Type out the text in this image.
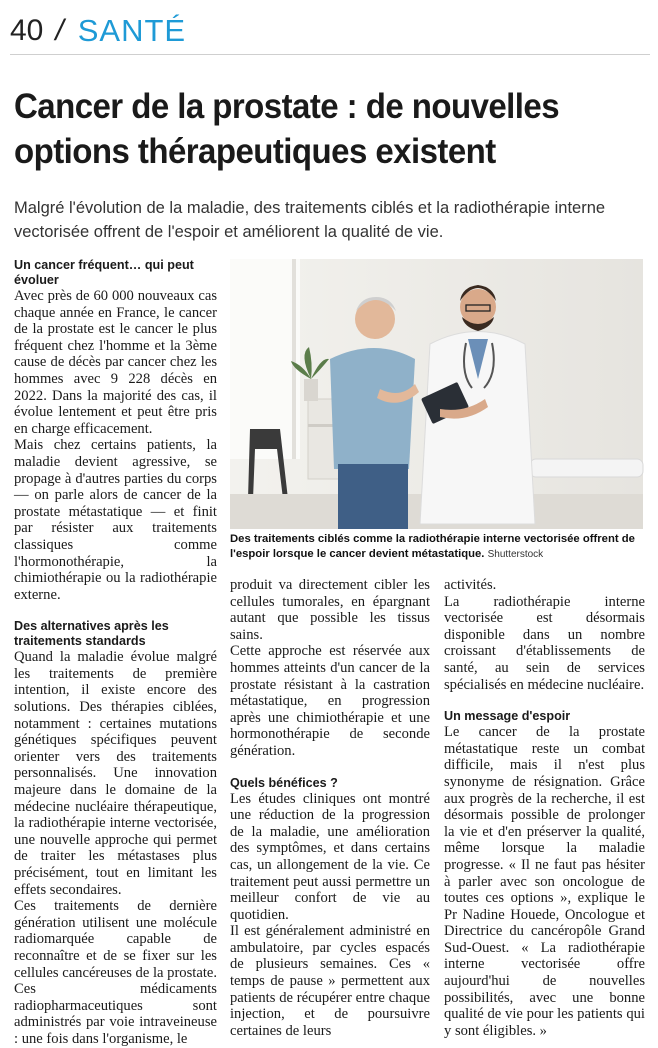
40 / SANTÉ
Cancer de la prostate : de nouvelles
options thérapeutiques existent

Malgré l'évolution de la maladie, des traitements ciblés et la radiothérapie interne vectorisée offrent de l'espoir et améliorent la qualité de vie.

Un cancer fréquent… qui peut évoluer

Avec près de 60 000 nouveaux cas chaque année en France, le cancer de la prostate est le cancer le plus fréquent chez l'homme et la 3ème cause de décès par cancer chez les hommes avec 9 228 décès en 2022. Dans la majorité des cas, il évolue lentement et peut être pris en charge efficacement.

Mais chez certains patients, la maladie devient agressive, se propage à d'autres parties du corps — on parle alors de cancer de la prostate métastatique — et finit par résister aux traitements classiques comme l'hormonothérapie, la chimiothérapie ou la radiothérapie externe.

Des alternatives après les traitements standards

Quand la maladie évolue malgré les traitements de première intention, il existe encore des solutions. Des thérapies ciblées, notamment : certaines mutations génétiques spécifiques peuvent orienter vers des traitements personnalisés. Une innovation majeure dans le domaine de la médecine nucléaire thérapeutique, la radiothérapie interne vectorisée, une nouvelle approche qui permet de traiter les métastases plus précisément, tout en limitant les effets secondaires.

Ces traitements de dernière génération utilisent une molécule radiomarquée capable de reconnaître et de se fixer sur les cellules cancéreuses de la prostate. Ces médicaments radiopharmaceutiques sont administrés par voie intraveineuse : une fois dans l'organisme, le

Des traitements ciblés comme la radiothérapie interne vectorisée offrent de l'espoir lorsque le cancer devient métastatique. Shutterstock

produit va directement cibler les cellules tumorales, en épargnant autant que possible les tissus sains.

Cette approche est réservée aux hommes atteints d'un cancer de la prostate résistant à la castration métastatique, en progression après une chimiothérapie et une hormonothérapie de seconde génération.

Quels bénéfices ?

Les études cliniques ont montré une réduction de la progression de la maladie, une amélioration des symptômes, et dans certains cas, un allongement de la vie. Ce traitement peut aussi permettre un meilleur confort de vie au quotidien.

Il est généralement administré en ambulatoire, par cycles espacés de plusieurs semaines. Ces « temps de pause » permettent aux patients de récupérer entre chaque injection, et de poursuivre certaines de leurs

activités.

La radiothérapie interne vectorisée est désormais disponible dans un nombre croissant d'établissements de santé, au sein de services spécialisés en médecine nucléaire.

Un message d'espoir

Le cancer de la prostate métastatique reste un combat difficile, mais il n'est plus synonyme de résignation. Grâce aux progrès de la recherche, il est désormais possible de prolonger la vie et d'en préserver la qualité, même lorsque la maladie progresse. « Il ne faut pas hésiter à parler avec son oncologue de toutes ces options », explique le Pr Nadine Houede, Oncologue et Directrice du cancéropôle Grand Sud-Ouest. « La radiothérapie interne vectorisée offre aujourd'hui de nouvelles possibilités, avec une bonne qualité de vie pour les patients qui y sont éligibles. »
